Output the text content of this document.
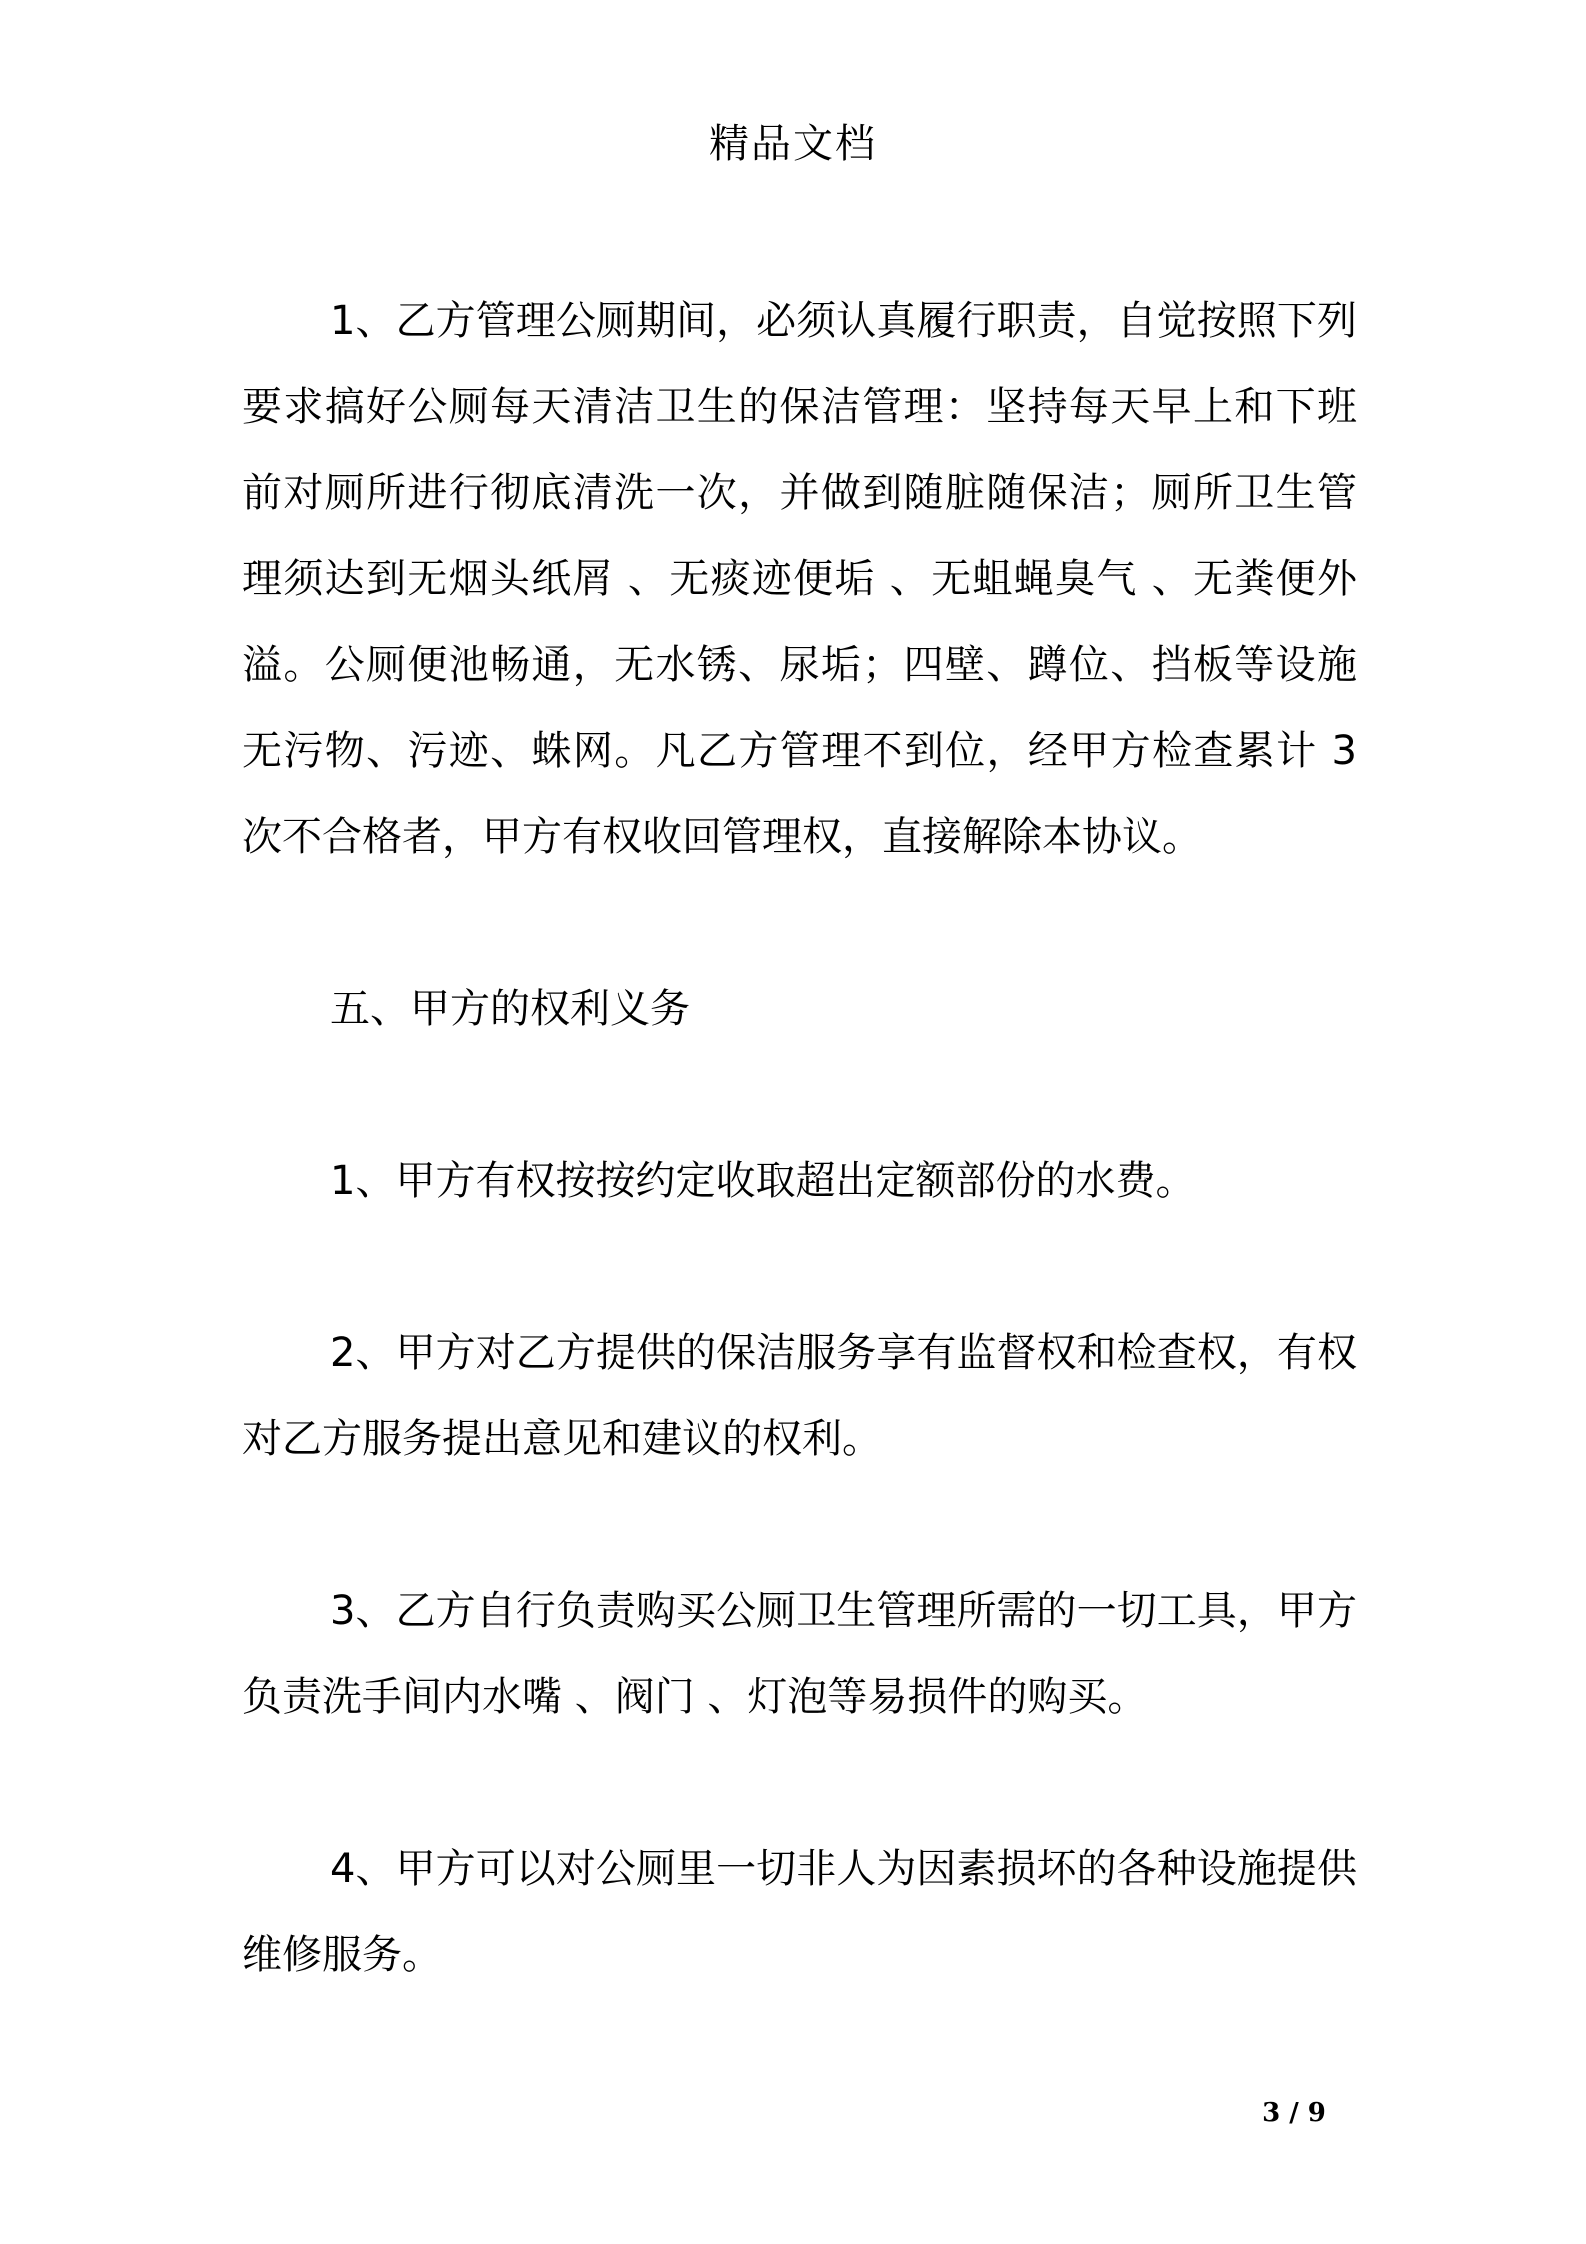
精品文档

1、乙方管理公厕期间，必须认真履行职责，自觉按照下列要求搞好公厕每天清洁卫生的保洁管理：坚持每天早上和下班前对厕所进行彻底清洗一次，并做到随脏随保洁；厕所卫生管理须达到无烟头纸屑 、无痰迹便垢 、无蛆蝇臭气 、无粪便外溢。公厕便池畅通，无水锈、尿垢；四壁、蹲位、挡板等设施无污物、污迹、蛛网。凡乙方管理不到位，经甲方检查累计 3 次不合格者，甲方有权收回管理权，直接解除本协议。

五、甲方的权利义务

1、甲方有权按按约定收取超出定额部份的水费。

2、甲方对乙方提供的保洁服务享有监督权和检查权，有权对乙方服务提出意见和建议的权利。

3、乙方自行负责购买公厕卫生管理所需的一切工具，甲方负责洗手间内水嘴 、阀门 、灯泡等易损件的购买。

4、甲方可以对公厕里一切非人为因素损坏的各种设施提供维修服务。

3 / 9
